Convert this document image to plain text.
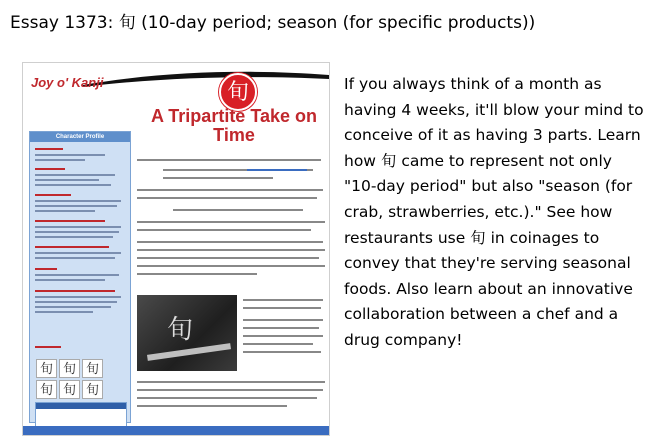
Essay 1373: 旬 (10-day period; season (for specific products))
Joy o' Kanji	旬
A Tripartite Take on Time
Character Profile
旬 旬 旬旬 旬 旬
旬
If you always think of a month as having 4 weeks, it'll blow your mind to conceive of it as having 3 parts. Learn how 旬 came to represent not only "10-day period" but also "season (for crab, strawberries, etc.)." See how restaurants use 旬 in coinages to convey that they're serving seasonal foods. Also learn about an innovative collaboration between a chef and a drug company!
